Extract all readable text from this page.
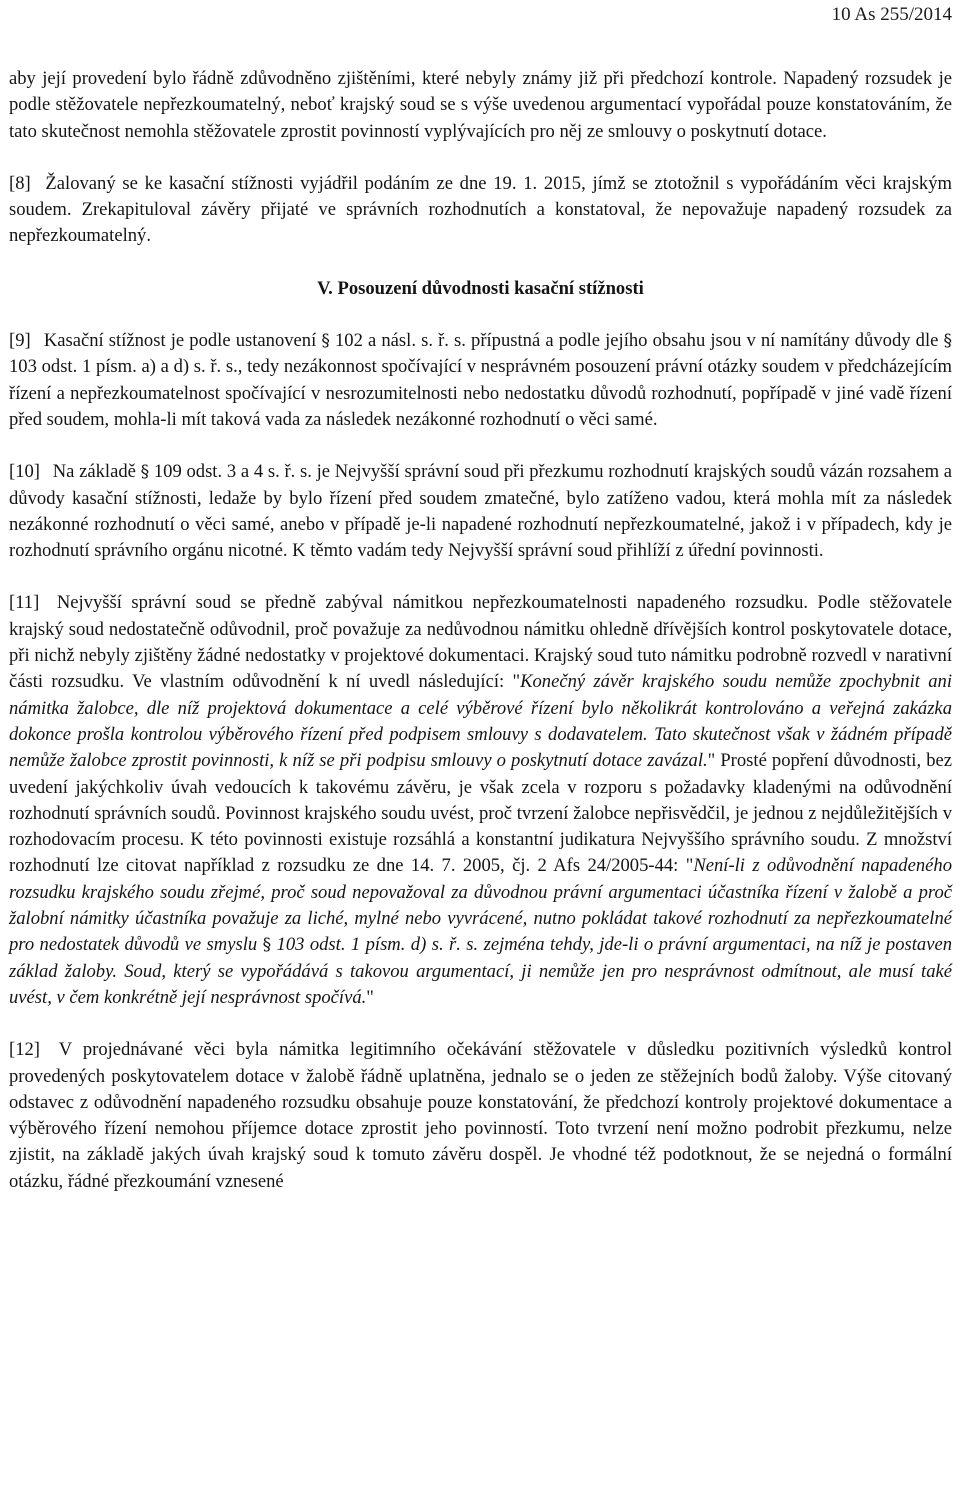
10 As 255/2014

aby její provedení bylo řádně zdůvodněno zjištěními, které nebyly známy již při předchozí kontrole. Napadený rozsudek je podle stěžovatele nepřezkoumatelný, neboť krajský soud se s výše uvedenou argumentací vypořádal pouze konstatováním, že tato skutečnost nemohla stěžovatele zprostit povinností vyplývajících pro něj ze smlouvy o poskytnutí dotace.

[8] Žalovaný se ke kasační stížnosti vyjádřil podáním ze dne 19. 1. 2015, jímž se ztotožnil s vypořádáním věci krajským soudem. Zrekapituloval závěry přijaté ve správních rozhodnutích a konstatoval, že nepovažuje napadený rozsudek za nepřezkoumatelný.

V. Posouzení důvodnosti kasační stížnosti

[9] Kasační stížnost je podle ustanovení § 102 a násl. s. ř. s. přípustná a podle jejího obsahu jsou v ní namítány důvody dle § 103 odst. 1 písm. a) a d) s. ř. s., tedy nezákonnost spočívající v nesprávném posouzení právní otázky soudem v předcházejícím řízení a nepřezkoumatelnost spočívající v nesrozumitelnosti nebo nedostatku důvodů rozhodnutí, popřípadě v jiné vadě řízení před soudem, mohla-li mít taková vada za následek nezákonné rozhodnutí o věci samé.

[10] Na základě § 109 odst. 3 a 4 s. ř. s. je Nejvyšší správní soud při přezkumu rozhodnutí krajských soudů vázán rozsahem a důvody kasační stížnosti, ledaže by bylo řízení před soudem zmatečné, bylo zatíženo vadou, která mohla mít za následek nezákonné rozhodnutí o věci samé, anebo v případě je-li napadené rozhodnutí nepřezkoumatelné, jakož i v případech, kdy je rozhodnutí správního orgánu nicotné. K těmto vadám tedy Nejvyšší správní soud přihlíží z úřední povinnosti.

[11] Nejvyšší správní soud se předně zabýval námitkou nepřezkoumatelnosti napadeného rozsudku. Podle stěžovatele krajský soud nedostatečně odůvodnil, proč považuje za nedůvodnou námitku ohledně dřívějších kontrol poskytovatele dotace, při nichž nebyly zjištěny žádné nedostatky v projektové dokumentaci. Krajský soud tuto námitku podrobně rozvedl v narativní části rozsudku. Ve vlastním odůvodnění k ní uvedl následující: "Konečný závěr krajského soudu nemůže zpochybnit ani námitka žalobce, dle níž projektová dokumentace a celé výběrové řízení bylo několikrát kontrolováno a veřejná zakázka dokonce prošla kontrolou výběrového řízení před podpisem smlouvy s dodavatelem. Tato skutečnost však v žádném případě nemůže žalobce zprostit povinnosti, k níž se při podpisu smlouvy o poskytnutí dotace zavázal." Prosté popření důvodnosti, bez uvedení jakýchkoliv úvah vedoucích k takovému závěru, je však zcela v rozporu s požadavky kladenými na odůvodnění rozhodnutí správních soudů. Povinnost krajského soudu uvést, proč tvrzení žalobce nepřisvědčil, je jednou z nejdůležitějších v rozhodovacím procesu. K této povinnosti existuje rozsáhlá a konstantní judikatura Nejvyššího správního soudu. Z množství rozhodnutí lze citovat například z rozsudku ze dne 14. 7. 2005, čj. 2 Afs 24/2005-44: "Není-li z odůvodnění napadeného rozsudku krajského soudu zřejmé, proč soud nepovažoval za důvodnou právní argumentaci účastníka řízení v žalobě a proč žalobní námitky účastníka považuje za liché, mylné nebo vyvrácené, nutno pokládat takové rozhodnutí za nepřezkoumatelné pro nedostatek důvodů ve smyslu § 103 odst. 1 písm. d) s. ř. s. zejména tehdy, jde-li o právní argumentaci, na níž je postaven základ žaloby. Soud, který se vypořádává s takovou argumentací, ji nemůže jen pro nesprávnost odmítnout, ale musí také uvést, v čem konkrétně její nesprávnost spočívá."

[12] V projednávané věci byla námitka legitimního očekávání stěžovatele v důsledku pozitivních výsledků kontrol provedených poskytovatelem dotace v žalobě řádně uplatněna, jednalo se o jeden ze stěžejních bodů žaloby. Výše citovaný odstavec z odůvodnění napadeného rozsudku obsahuje pouze konstatování, že předchozí kontroly projektové dokumentace a výběrového řízení nemohou příjemce dotace zprostit jeho povinností. Toto tvrzení není možno podrobit přezkumu, nelze zjistit, na základě jakých úvah krajský soud k tomuto závěru dospěl. Je vhodné též podotknout, že se nejedná o formální otázku, řádné přezkoumání vznesené
